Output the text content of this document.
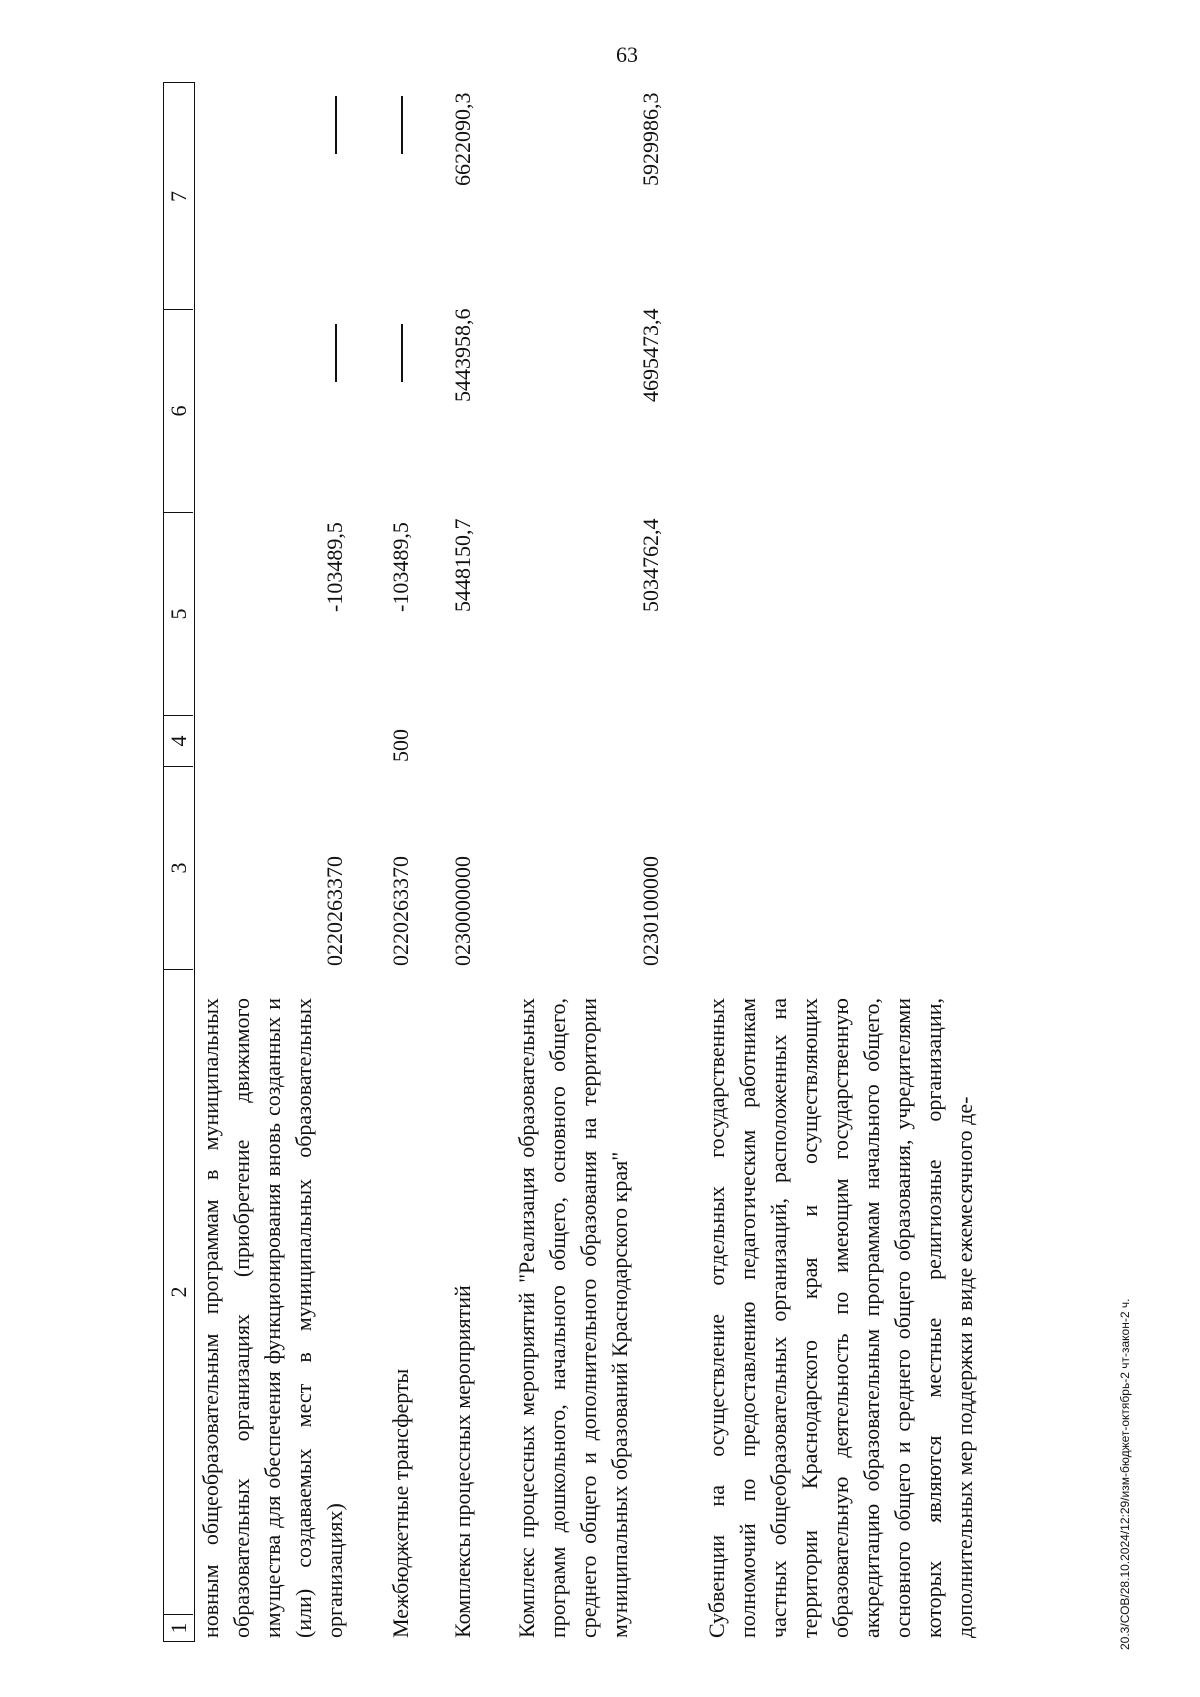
63
20.3/СОВ/28.10.2024/12:29/изм-бюджет-октябрь-2 чт-закон-2 ч.
1
2
3
4
5
6
7
новным общеобразовательным программам в муниципальных образовательных организациях (приобретение движимого имущества для обеспечения функционирования вновь созданных и (или) создаваемых мест в муниципальных образовательных организациях)
0220263370
-103489,5
Межбюджетные трансферты
0220263370
500
-103489,5
Комплексы процессных мероприятий
0230000000
5448150,7
5443958,6
6622090,3
Комплекс процессных мероприятий "Реализация образовательных программ дошкольного, начального общего, основного общего, среднего общего и дополнительного образования на территории муниципальных образований Краснодарского края"
0230100000
5034762,4
4695473,4
5929986,3
Субвенции на осуществление отдельных государственных полномочий по предоставлению педагогическим работникам частных общеобразовательных организаций, расположенных на территории Краснодарского края и осуществляющих образовательную деятельность по имеющим государственную аккредитацию образовательным программам начального общего, основного общего и среднего общего образования, учредителями которых являются местные религиозные организации, дополнительных мер поддержки в виде ежемесячного де-
